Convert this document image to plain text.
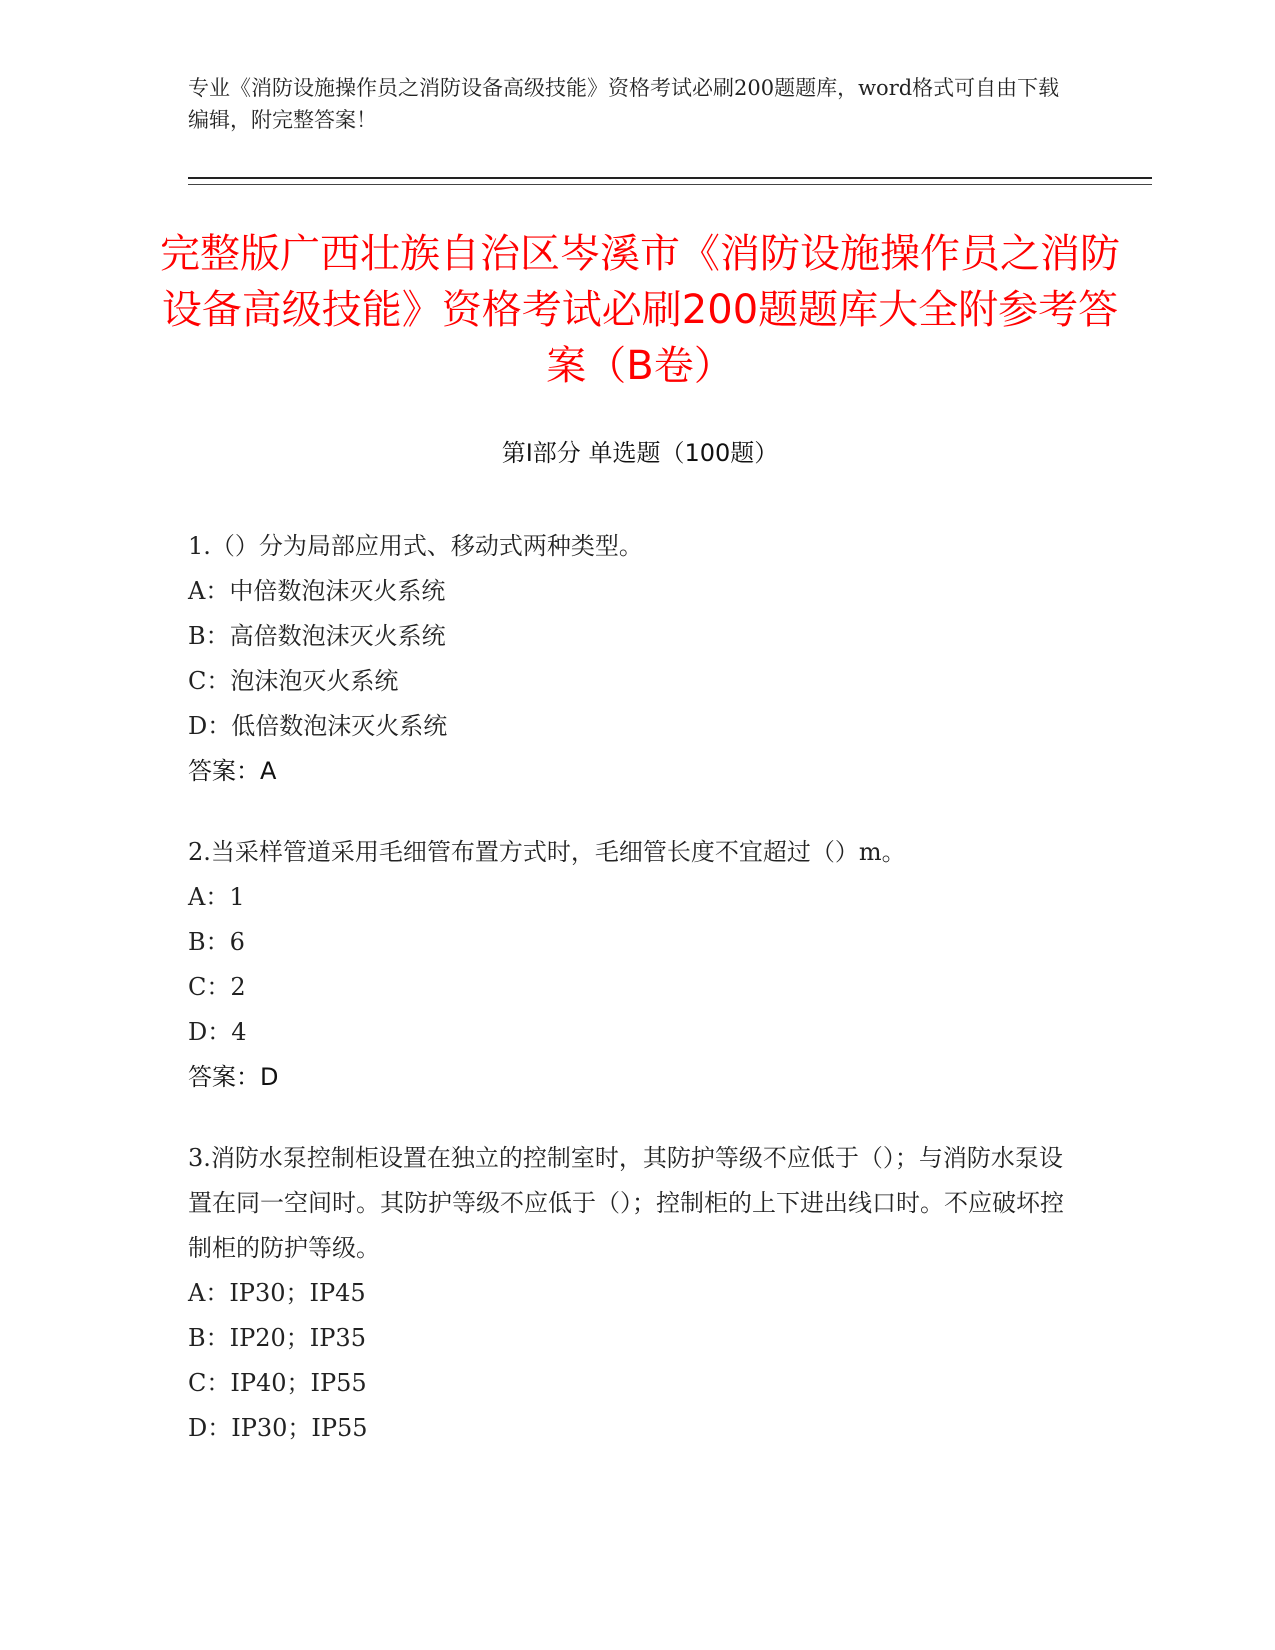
专业《消防设施操作员之消防设备高级技能》资格考试必刷200题题库，word格式可自由下载编辑，附完整答案！
完整版广西壮族自治区岑溪市《消防设施操作员之消防设备高级技能》资格考试必刷200题题库大全附参考答案（B卷）
第Ⅰ部分 单选题（100题）

1.（）分为局部应用式、移动式两种类型。

A：中倍数泡沫灭火系统

B：高倍数泡沫灭火系统

C：泡沫泡灭火系统

D：低倍数泡沫灭火系统

答案：A

2.当采样管道采用毛细管布置方式时，毛细管长度不宜超过（）m。

A：1

B：6

C：2

D：4

答案：D

3.消防水泵控制柜设置在独立的控制室时，其防护等级不应低于（）；与消防水泵设置在同一空间时。其防护等级不应低于（）；控制柜的上下进出线口时。不应破坏控制柜的防护等级。

A：IP30；IP45

B：IP20；IP35

C：IP40；IP55

D：IP30；IP55
